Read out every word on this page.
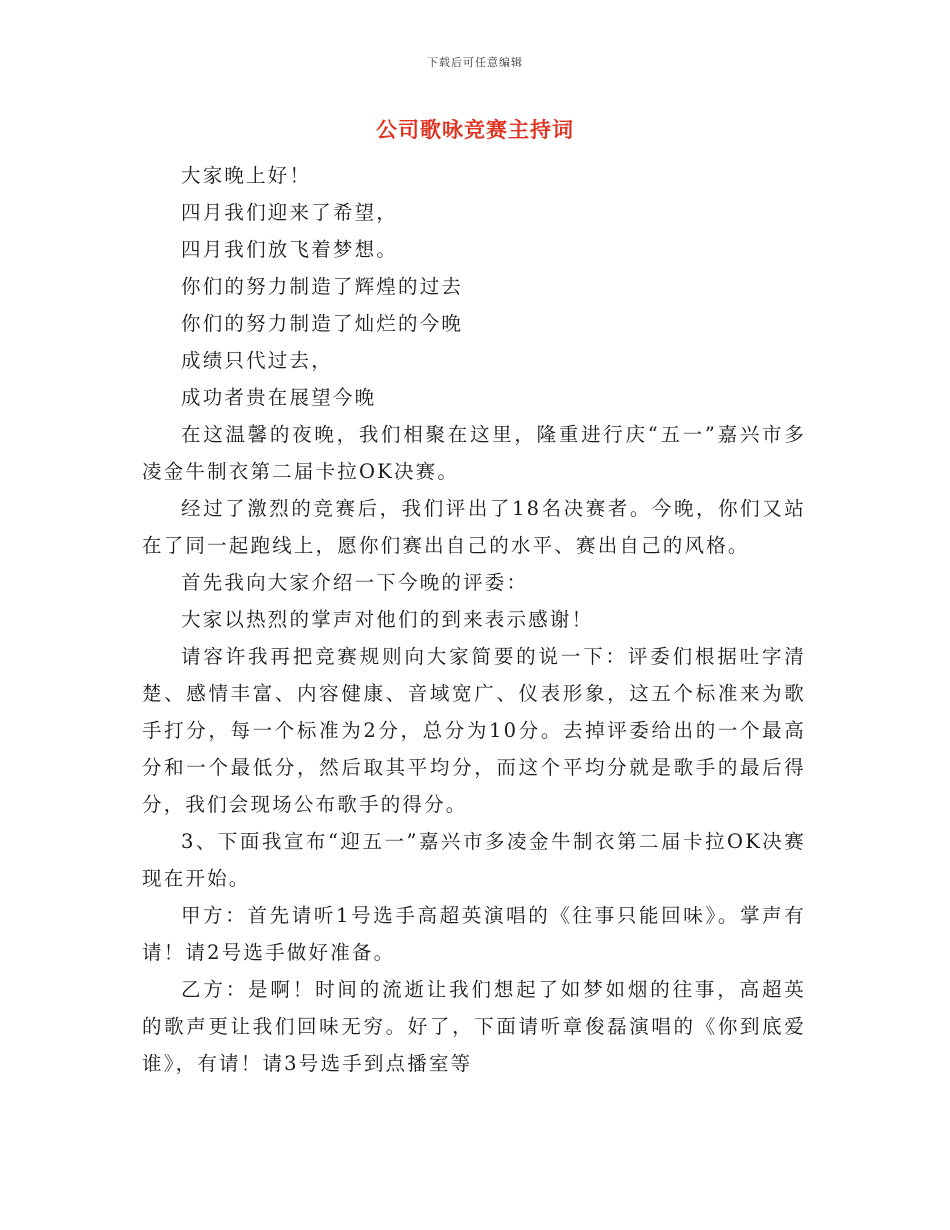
下载后可任意编辑
公司歌咏竞赛主持词

大家晚上好！

四月我们迎来了希望，

四月我们放飞着梦想。

你们的努力制造了辉煌的过去

你们的努力制造了灿烂的今晚

成绩只代过去，

成功者贵在展望今晚

在这温馨的夜晚，我们相聚在这里，隆重进行庆“五一”嘉兴市多凌金牛制衣第二届卡拉OK决赛。

经过了激烈的竞赛后，我们评出了18名决赛者。今晚，你们又站在了同一起跑线上，愿你们赛出自己的水平、赛出自己的风格。

首先我向大家介绍一下今晚的评委：

大家以热烈的掌声对他们的到来表示感谢！

请容许我再把竞赛规则向大家简要的说一下：评委们根据吐字清楚、感情丰富、内容健康、音域宽广、仪表形象，这五个标准来为歌手打分，每一个标准为2分，总分为10分。去掉评委给出的一个最高分和一个最低分，然后取其平均分，而这个平均分就是歌手的最后得分，我们会现场公布歌手的得分。

3、下面我宣布“迎五一”嘉兴市多凌金牛制衣第二届卡拉OK决赛现在开始。

甲方：首先请听1号选手高超英演唱的《往事只能回味》。掌声有请！请2号选手做好准备。

乙方：是啊！时间的流逝让我们想起了如梦如烟的往事，高超英的歌声更让我们回味无穷。好了，下面请听章俊磊演唱的《你到底爱谁》，有请！请3号选手到点播室等
